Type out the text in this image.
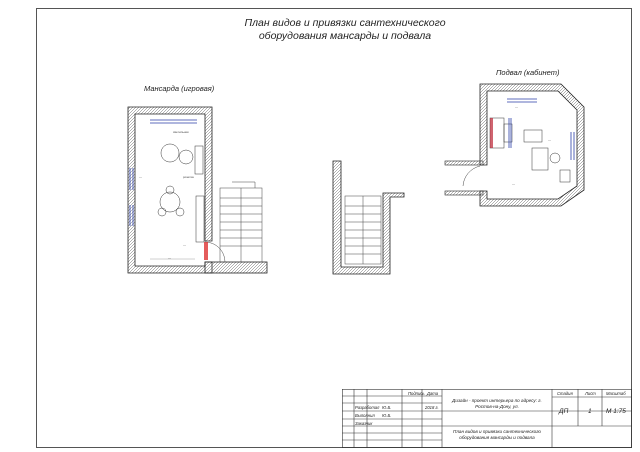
План видов и привязки сантехнического
оборудования мансарды и подвала
Мансарда (игровая)
Подвал (кабинет)
светильник
—	розетка
—
—
—
—
—
Подпись Дата
Разработал Ю.Б.	2018 г.
Выполнил Ю.Б.
Заказчик
Дизайн - проект интерьера по адресу: г. Ростов-на-Дону, ул.
План видов и привязки сантехнического оборудования мансарды и подвала
Стадия	Лист Масштаб
ДП	1 М 1:75
